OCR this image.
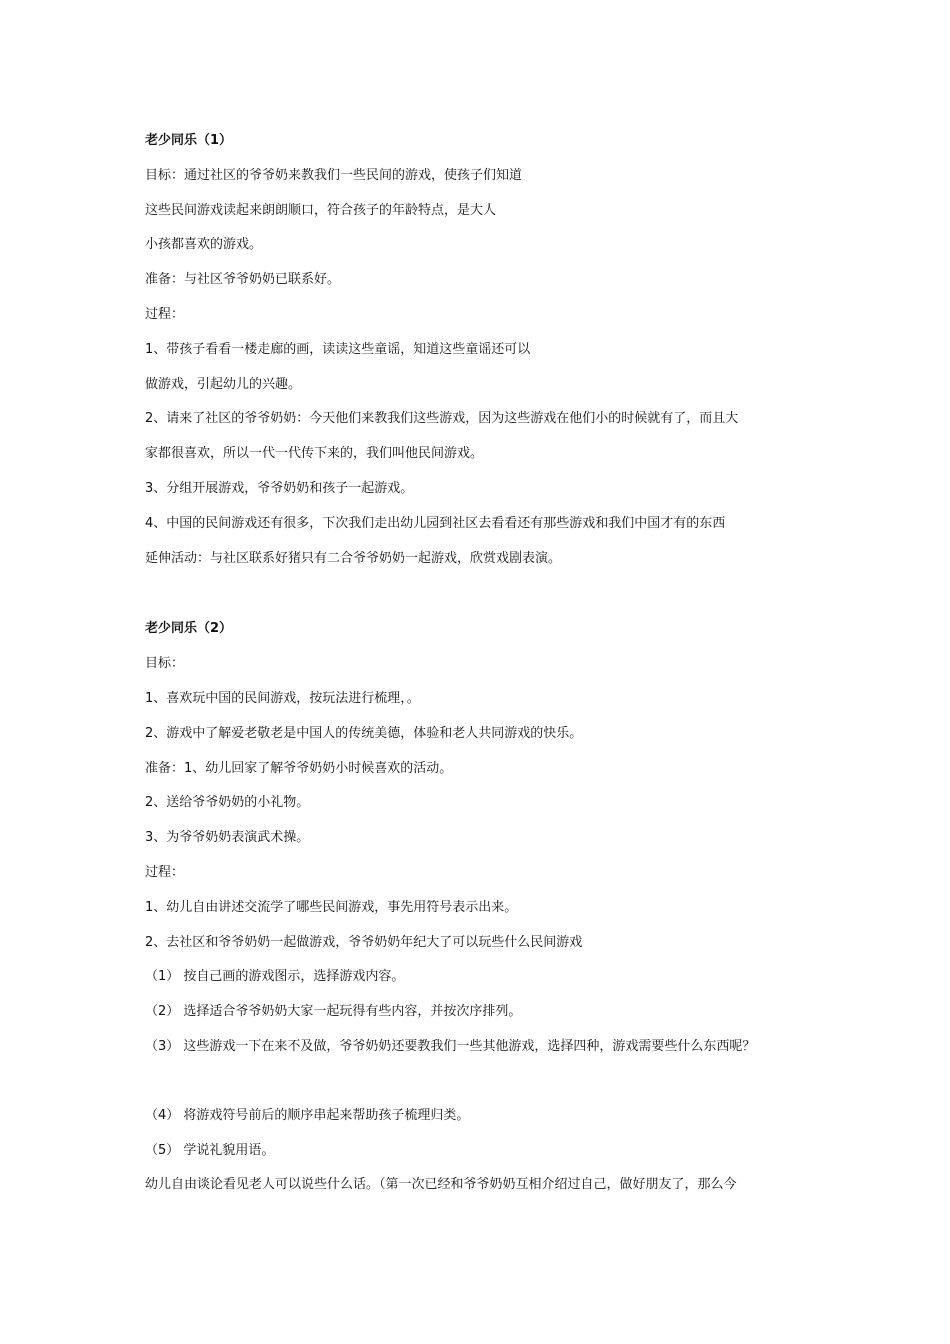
老少同乐（1）
目标：通过社区的爷爷奶来教我们一些民间的游戏，使孩子们知道
这些民间游戏读起来朗朗顺口，符合孩子的年龄特点，是大人
小孩都喜欢的游戏。
准备：与社区爷爷奶奶已联系好。
过程：
1、带孩子看看一楼走廊的画，读读这些童谣，知道这些童谣还可以
做游戏，引起幼儿的兴趣。
2、请来了社区的爷爷奶奶：今天他们来教我们这些游戏，因为这些游戏在他们小的时候就有了，而且大
家都很喜欢，所以一代一代传下来的，我们叫他民间游戏。
3、分组开展游戏，爷爷奶奶和孩子一起游戏。
4、中国的民间游戏还有很多，下次我们走出幼儿园到社区去看看还有那些游戏和我们中国才有的东西
延伸活动：与社区联系好猪只有二合爷爷奶奶一起游戏，欣赏戏剧表演。
老少同乐（2）
目标：
1、喜欢玩中国的民间游戏，按玩法进行梳理，。
2、游戏中了解爱老敬老是中国人的传统美德，体验和老人共同游戏的快乐。
准备：1、幼儿回家了解爷爷奶奶小时候喜欢的活动。
2、送给爷爷奶奶的小礼物。
3、为爷爷奶奶表演武术操。
过程：
1、幼儿自由讲述交流学了哪些民间游戏，事先用符号表示出来。
2、去社区和爷爷奶奶一起做游戏，爷爷奶奶年纪大了可以玩些什么民间游戏
（1） 按自己画的游戏图示，选择游戏内容。
（2） 选择适合爷爷奶奶大家一起玩得有些内容，并按次序排列。
（3） 这些游戏一下在来不及做，爷爷奶奶还要教我们一些其他游戏，选择四种，游戏需要些什么东西呢？
（4） 将游戏符号前后的顺序串起来帮助孩子梳理归类。
（5） 学说礼貌用语。
幼儿自由谈论看见老人可以说些什么话。（第一次已经和爷爷奶奶互相介绍过自己，做好朋友了，那么今
